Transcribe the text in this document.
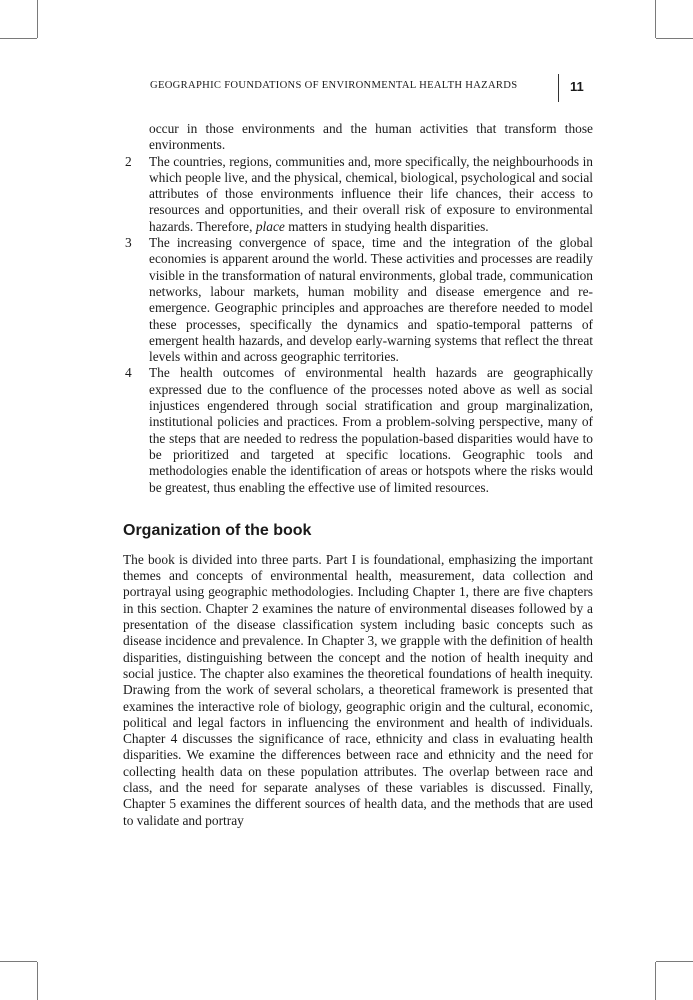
GEOGRAPHIC FOUNDATIONS OF ENVIRONMENTAL HEALTH HAZARDS	11

occur in those environments and the human activities that transform those environments.

2 The countries, regions, communities and, more specifically, the neighbourhoods in which people live, and the physical, chemical, biological, psychological and social attributes of those environments influence their life chances, their access to resources and opportunities, and their overall risk of exposure to environmental hazards. Therefore, place matters in studying health disparities.
3 The increasing convergence of space, time and the integration of the global economies is apparent around the world. These activities and processes are readily visible in the transformation of natural environments, global trade, communication networks, labour markets, human mobility and disease emergence and re-emergence. Geographic principles and approaches are therefore needed to model these processes, specifically the dynamics and spatio-temporal patterns of emergent health hazards, and develop early-warning systems that reflect the threat levels within and across geographic territories.
4 The health outcomes of environmental health hazards are geographically expressed due to the confluence of the processes noted above as well as social injustices engendered through social stratification and group marginalization, institutional policies and practices. From a problem-solving perspective, many of the steps that are needed to redress the population-based disparities would have to be prioritized and targeted at specific locations. Geographic tools and methodologies enable the identification of areas or hotspots where the risks would be greatest, thus enabling the effective use of limited resources.
Organization of the book

The book is divided into three parts. Part I is foundational, emphasizing the important themes and concepts of environmental health, measurement, data collection and portrayal using geographic methodologies. Including Chapter 1, there are five chapters in this section. Chapter 2 examines the nature of environmental diseases followed by a presentation of the disease classification system including basic concepts such as disease incidence and prevalence. In Chapter 3, we grapple with the definition of health disparities, distinguishing between the concept and the notion of health inequity and social justice. The chapter also examines the theoretical foundations of health inequity. Drawing from the work of several scholars, a theoretical framework is presented that examines the interactive role of biology, geographic origin and the cultural, economic, political and legal factors in influencing the environment and health of individuals. Chapter 4 discusses the significance of race, ethnicity and class in evaluating health disparities. We examine the differences between race and ethnicity and the need for collecting health data on these population attributes. The overlap between race and class, and the need for separate analyses of these variables is discussed. Finally, Chapter 5 examines the different sources of health data, and the methods that are used to validate and portray
